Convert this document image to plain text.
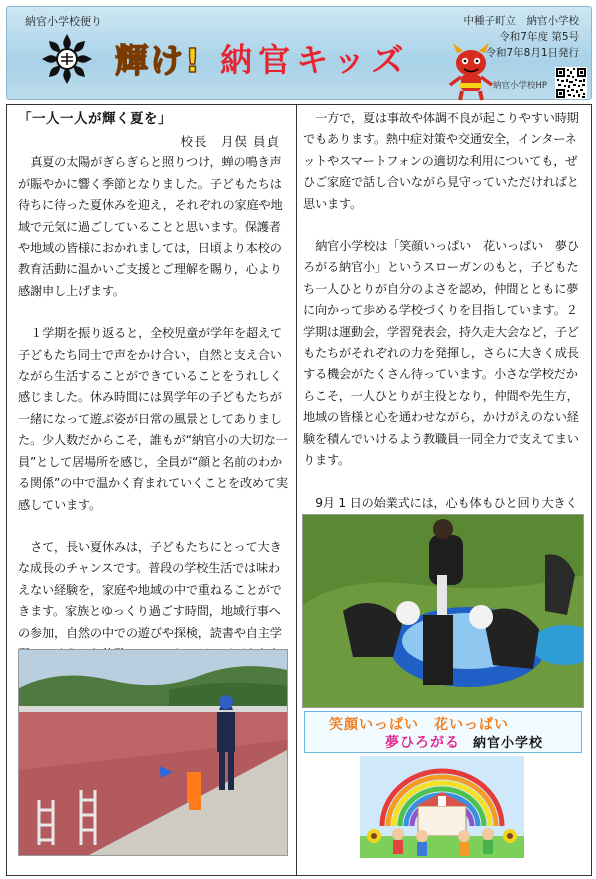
納官小学校便り
輝け! 納官キッズ
中種子町立　納官小学校
令和7年度 第5号
令和7年8月1日発行
納官小学校HP

「一人一人が輝く夏を」

校長　月俣 員貞

真夏の太陽がぎらぎらと照りつけ，蝉の鳴き声が賑やかに響く季節となりました。子どもたちは待ちに待った夏休みを迎え，それぞれの家庭や地域で元気に過ごしていることと思います。保護者や地域の皆様におかれましては，日頃より本校の教育活動に温かいご支援とご理解を賜り，心より感謝申し上げます。

１学期を振り返ると，全校児童が学年を超えて子どもたち同士で声をかけ合い，自然と支え合いながら生活することができていることをうれしく感じました。休み時間には異学年の子どもたちが一緒になって遊ぶ姿が日常の風景としてありました。少人数だからこそ，誰もが“納官小の大切な一員”として居場所を感じ，全員が“顔と名前のわかる関係”の中で温かく育まれていくことを改めて実感しています。

さて，長い夏休みは，子どもたちにとって大きな成長のチャンスです。普段の学校生活では味わえない経験を，家庭や地域の中で重ねることができます。家族とゆっくり過ごす時間，地域行事への参加，自然の中での遊びや探検，読書や自主学

一方で，夏は事故や体調不良が起こりやすい時期でもあります。熱中症対策や交通安全，インターネットやスマートフォンの適切な利用についても，ぜひご家庭で話し合いながら見守っていただければと思います。

納官小学校は「笑顔いっぱい　花いっぱい　夢ひろがる納官小」というスローガンのもと，子どもたち一人ひとりが自分のよさを認め，仲間とともに夢に向かって歩める学校づくりを目指しています。２学期は運動会，学習発表会，持久走大会など，子どもたちがそれぞれの力を発揮し，さらに大きく成長する機会がたくさん待っています。小さな学校だからこそ，一人ひとりが主役となり，仲間や先生方，地域の皆様と心を通わせながら，かけがえのない経験を積んでいけるよう教職員一同全力で支えてまいります。

9月 1 日の始業式には，心も体もひと回り大きく

笑顔いっぱい　花いっぱい
夢ひろがる 納官小学校
